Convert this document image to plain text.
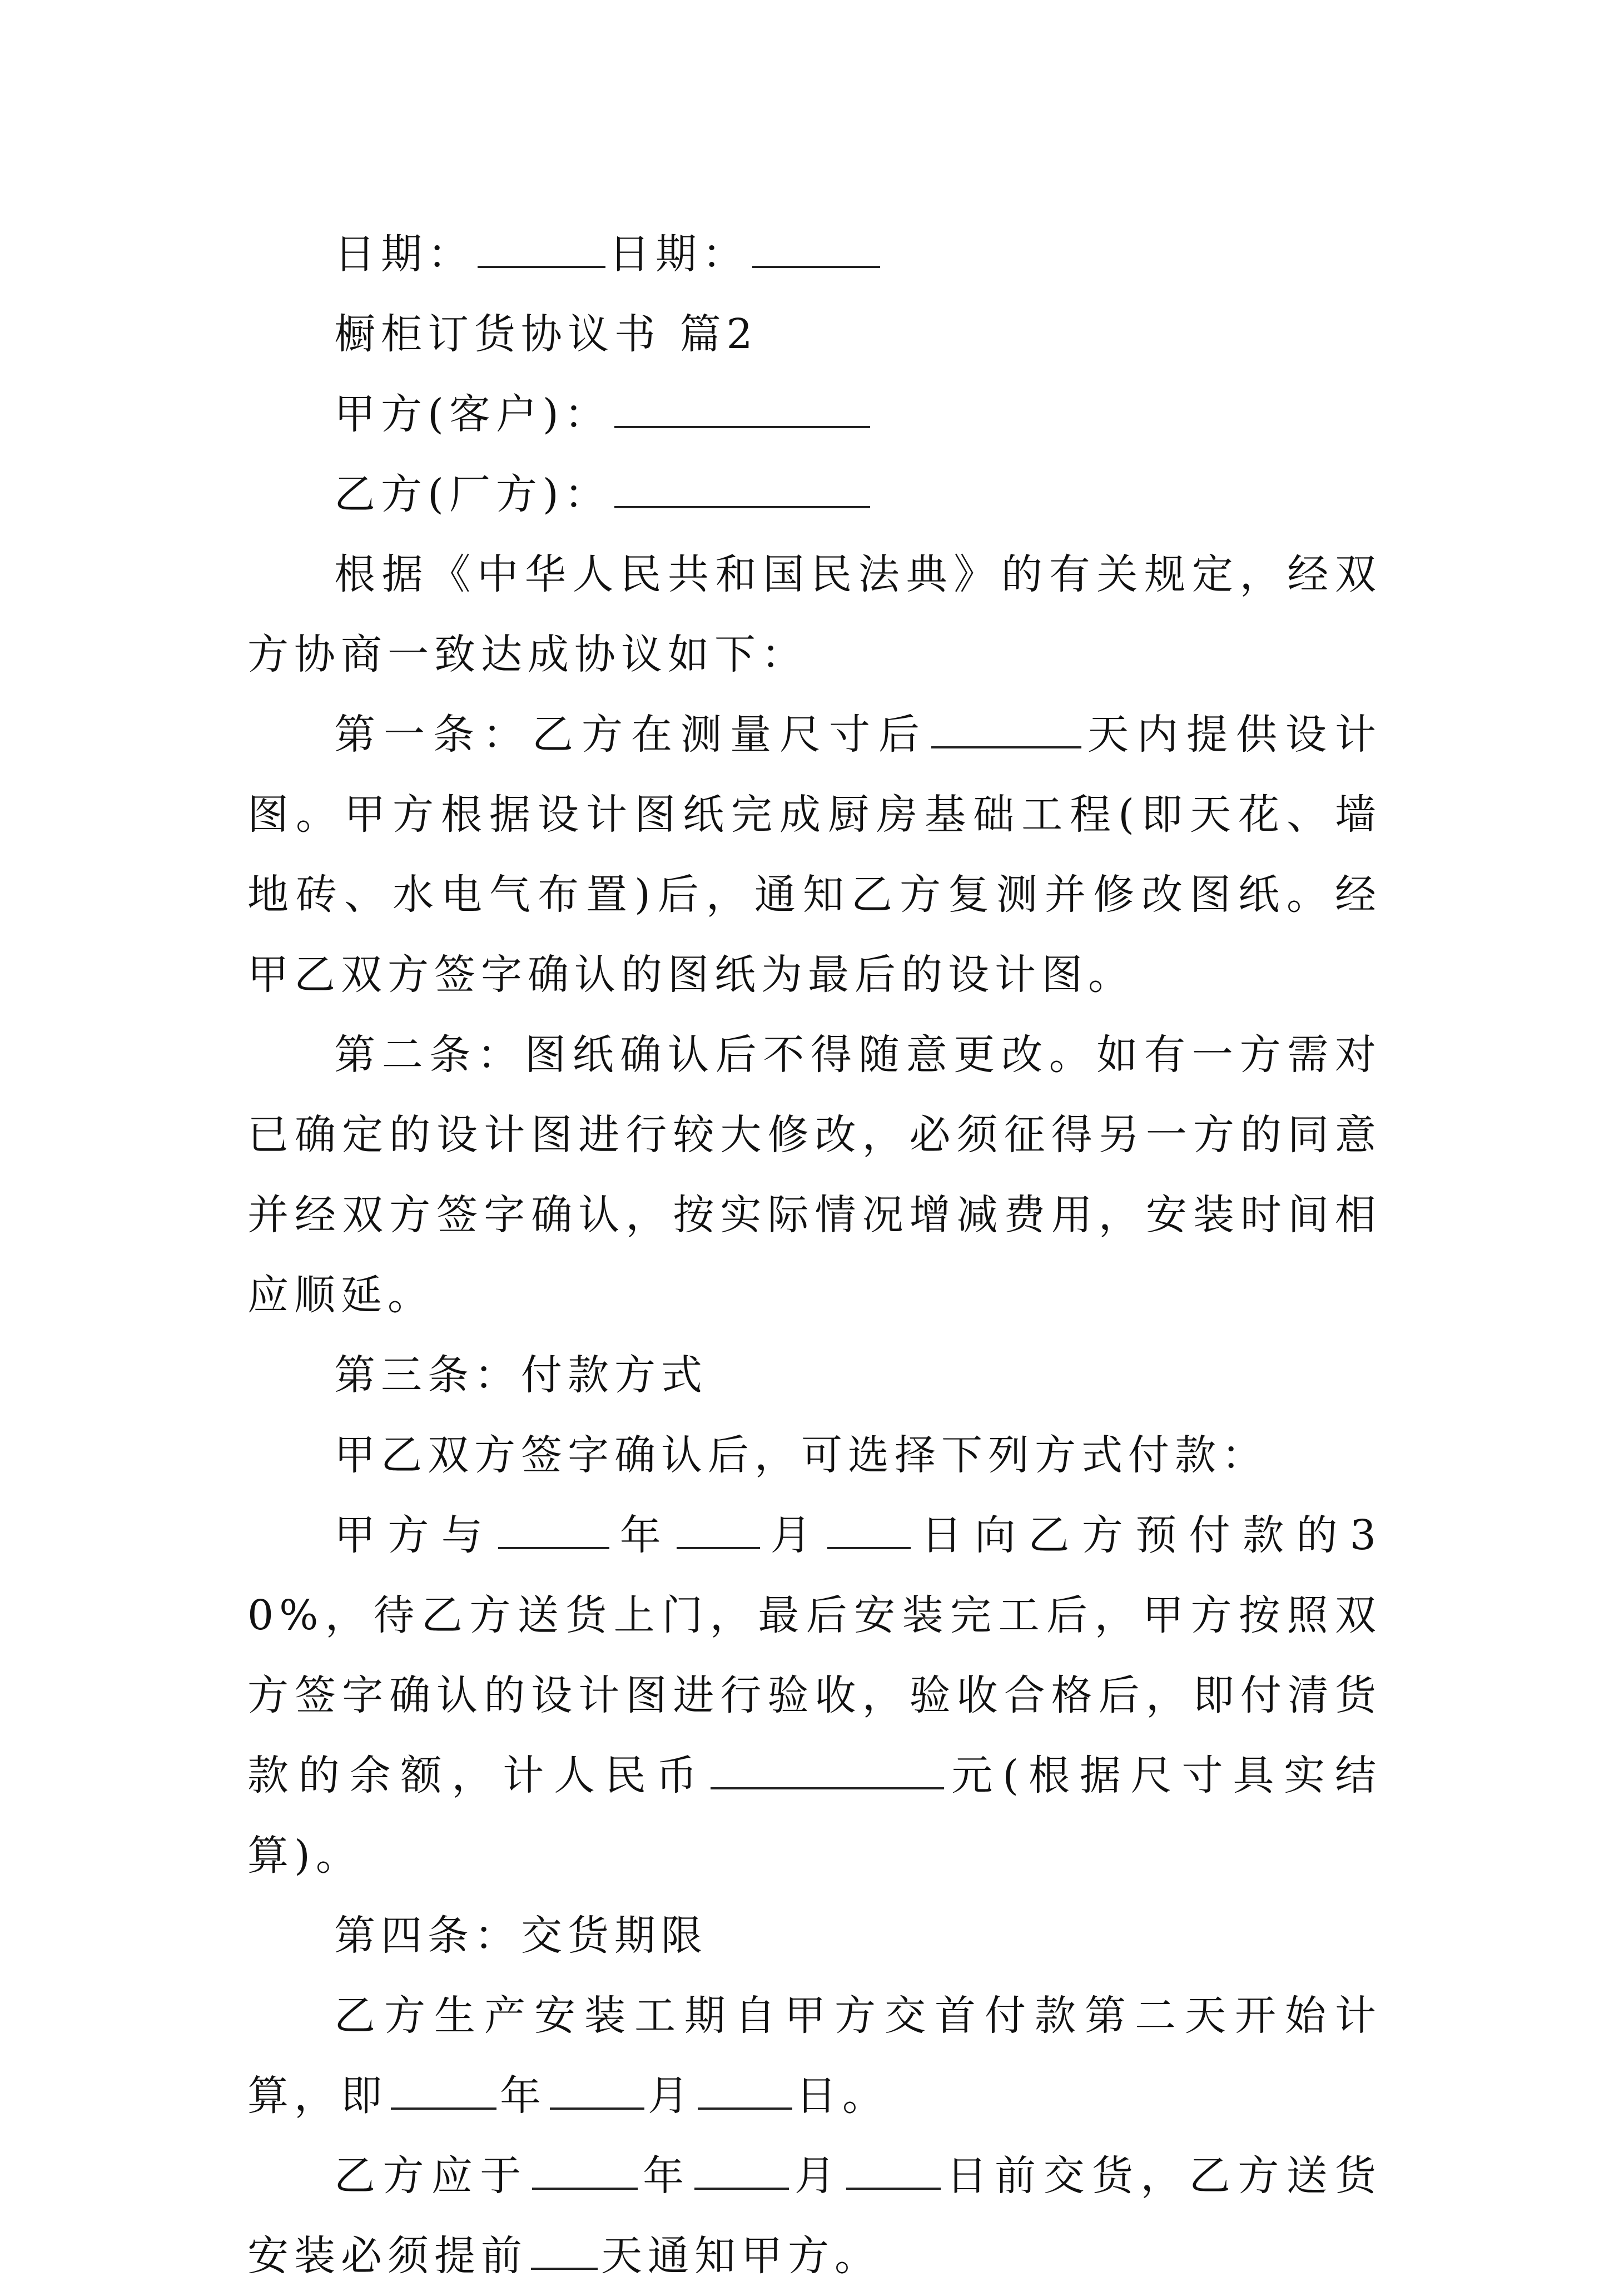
日期：	日期：

橱柜订货协议书 篇2

甲方(客户)：

乙方(厂方)：

根据《中华人民共和国民法典》的有关规定，经双方协商一致达成协议如下：

第一条：乙方在测量尺寸后	天内提供设计图。甲方根据设计图纸完成厨房基础工程(即天花、墙地砖、水电气布置)后，通知乙方复测并修改图纸。经甲乙双方签字确认的图纸为最后的设计图。

第二条：图纸确认后不得随意更改。如有一方需对已确定的设计图进行较大修改，必须征得另一方的同意并经双方签字确认，按实际情况增减费用，安装时间相应顺延。

第三条：付款方式

甲乙双方签字确认后，可选择下列方式付款：

甲方与	年 月 日向乙方预付款的30%，待乙方送货上门，最后安装完工后，甲方按照双方签字确认的设计图进行验收，验收合格后，即付清货款的余额，计人民币	元(根据尺寸具实结算)。

第四条：交货期限

乙方生产安装工期自甲方交首付款第二天开始计算，即	年 月 日。

乙方应于	年 月 日前交货，乙方送货安装必须提前 天通知甲方。
